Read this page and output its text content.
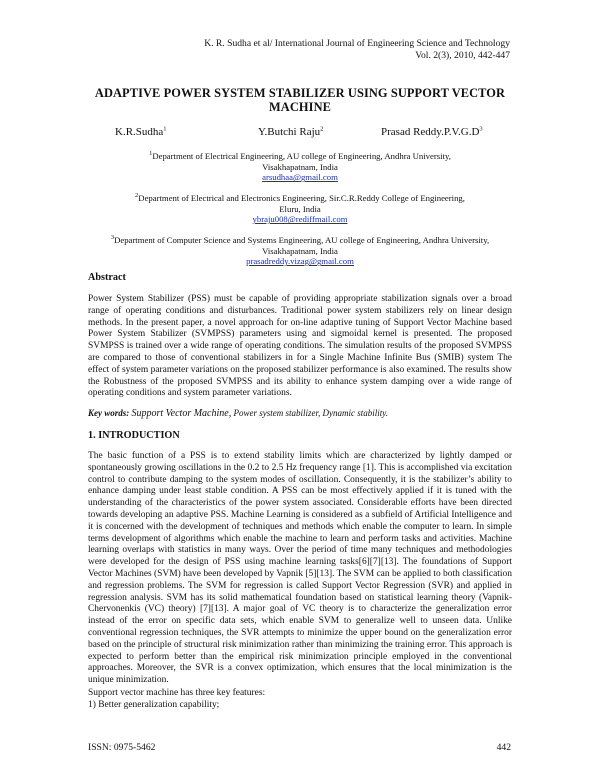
K. R. Sudha et al/ International Journal of Engineering Science and Technology
Vol. 2(3), 2010, 442-447
ADAPTIVE POWER SYSTEM STABILIZER USING SUPPORT VECTOR
MACHINE
K.R.Sudha$^1$	Y.Butchi Raju$^2$	Prasad $Reddy.P.V.G.D^3$
$^1$Department of Electrical Engineering, AU college of Engineering, Andhra University,
Visakhapatnam, India
arsudhaa@gmail.com
$^2$Department of Electrical and Electronics Engineering, Sir.C.R.Reddy College of Engineering,
Eluru, India
ybraju008@rediffmail.com
$^3$Department of Computer Science and Systems Engineering, AU college of Engineering, Andhra University,
Visakhapatnam, India
prasadreddy.vizag@gmail.com
Abstract
Power System Stabilizer (PSS) must be capable of providing appropriate stabilization signals over a broad range of operating conditions and disturbances. Traditional power system stabilizers rely on linear design methods. In the present paper, a novel approach for on-line adaptive tuning of Support Vector Machine based Power System Stabilizer (SVMPSS) parameters using and sigmoidal kernel is presented. The proposed SVMPSS is trained over a wide range of operating conditions. The simulation results of the proposed SVMPSS are compared to those of conventional stabilizers in for a Single Machine Infinite Bus (SMIB) system The effect of system parameter variations on the proposed stabilizer performance is also examined. The results show the Robustness of the proposed SVMPSS and its ability to enhance system damping over a wide range of operating conditions and system parameter variations.
Key words: Support Vector Machine, Power system stabilizer, Dynamic stability.
1. INTRODUCTION
The basic function of a PSS is to extend stability limits which are characterized by lightly damped or spontaneously growing oscillations in the 0.2 to 2.5 Hz frequency range [1]. This is accomplished via excitation control to contribute damping to the system modes of oscillation. Consequently, it is the stabilizer’s ability to enhance damping under least stable condition. A PSS can be most effectively applied if it is tuned with the understanding of the characteristics of the power system associated. Considerable efforts have been directed towards developing an adaptive PSS. Machine Learning is considered as a subfield of Artificial Intelligence and it is concerned with the development of techniques and methods which enable the computer to learn. In simple terms development of algorithms which enable the machine to learn and perform tasks and activities. Machine learning overlaps with statistics in many ways. Over the period of time many techniques and methodologies were developed for the design of PSS using machine learning tasks[6][7][13]. The foundations of Support Vector Machines (SVM) have been developed by Vapnik [5][13]. The SVM can be applied to both classification and regression problems. The SVM for regression is called Support Vector Regression (SVR) and applied in regression analysis. SVM has its solid mathematical foundation based on statistical learning theory (Vapnik-Chervonenkis (VC) theory) [7][13]. A major goal of VC theory is to characterize the generalization error instead of the error on specific data sets, which enable SVM to generalize well to unseen data. Unlike conventional regression techniques, the SVR attempts to minimize the upper bound on the generalization error based on the principle of structural risk minimization rather than minimizing the training error. This approach is expected to perform better than the empirical risk minimization principle employed in the conventional approaches. Moreover, the SVR is a convex optimization, which ensures that the local minimization is the unique minimization.
Support vector machine has three key features:
1) Better generalization capability;
ISSN: 0975-5462	442
